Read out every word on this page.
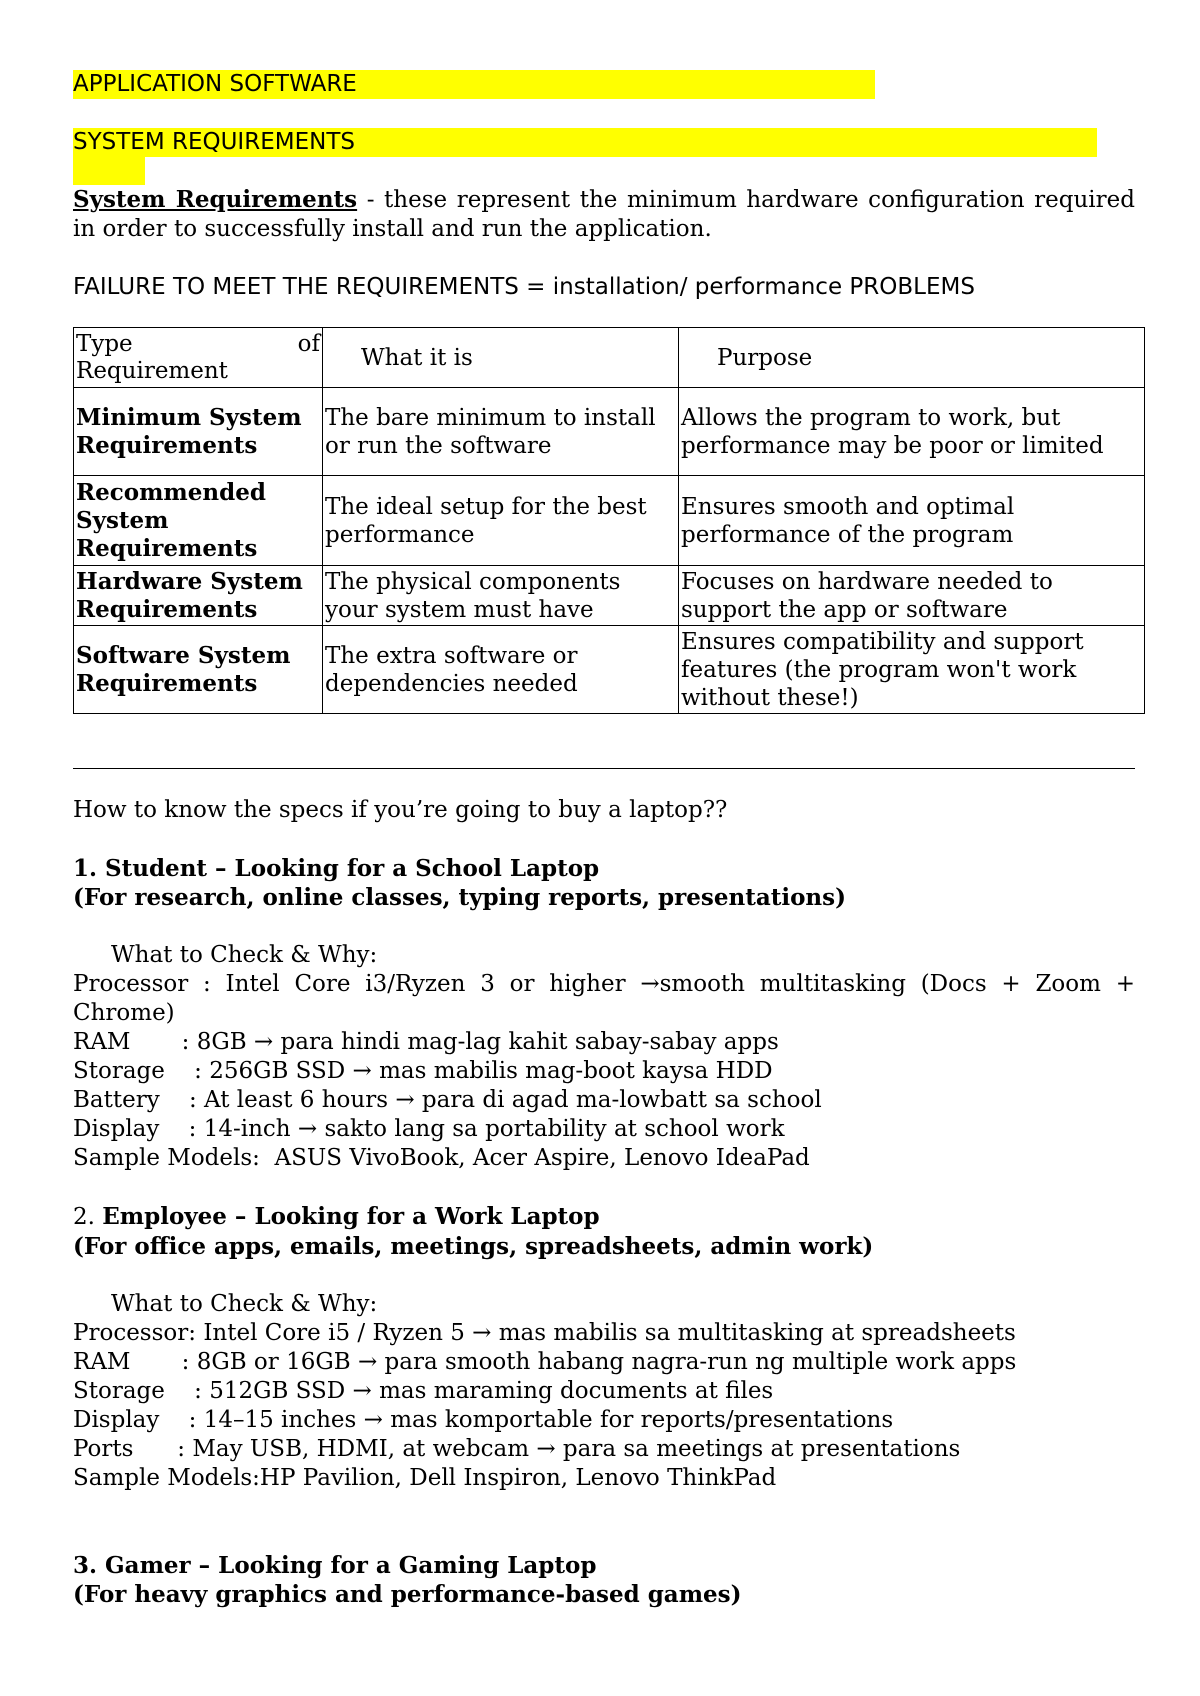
APPLICATION SOFTWARE
SYSTEM REQUIREMENTS

System Requirements - these represent the minimum hardware configuration required in order to successfully install and run the application.

FAILURE TO MEET THE REQUIREMENTS = installation/ performance PROBLEMS

Type of
Requirement	What it is	Purpose
Minimum System Requirements	The bare minimum to install or run the software	Allows the program to work, but performance may be poor or limited
Recommended System Requirements	The ideal setup for the best performance	Ensures smooth and optimal performance of the program
Hardware System Requirements	The physical components your system must have	Focuses on hardware needed to support the app or software
Software System Requirements	The extra software or dependencies needed	Ensures compatibility and support features (the program won't work without these!)

How to know the specs if you’re going to buy a laptop??

1. Student – Looking for a School Laptop

(For research, online classes, typing reports, presentations)

What to Check & Why:

Processor : Intel Core i3/Ryzen 3 or higher →smooth multitasking (Docs + Zoom + Chrome)

RAM       : 8GB → para hindi mag-lag kahit sabay-sabay apps

Storage    : 256GB SSD → mas mabilis mag-boot kaysa HDD

Battery    : At least 6 hours → para di agad ma-lowbatt sa school

Display    : 14-inch → sakto lang sa portability at school work

Sample Models:  ASUS VivoBook, Acer Aspire, Lenovo IdeaPad

2. Employee – Looking for a Work Laptop

(For office apps, emails, meetings, spreadsheets, admin work)

What to Check & Why:

Processor: Intel Core i5 / Ryzen 5 → mas mabilis sa multitasking at spreadsheets

RAM       : 8GB or 16GB → para smooth habang nagra-run ng multiple work apps

Storage    : 512GB SSD → mas maraming documents at files

Display    : 14–15 inches → mas komportable for reports/presentations

Ports      : May USB, HDMI, at webcam → para sa meetings at presentations

Sample Models:HP Pavilion, Dell Inspiron, Lenovo ThinkPad

3. Gamer – Looking for a Gaming Laptop

(For heavy graphics and performance-based games)
